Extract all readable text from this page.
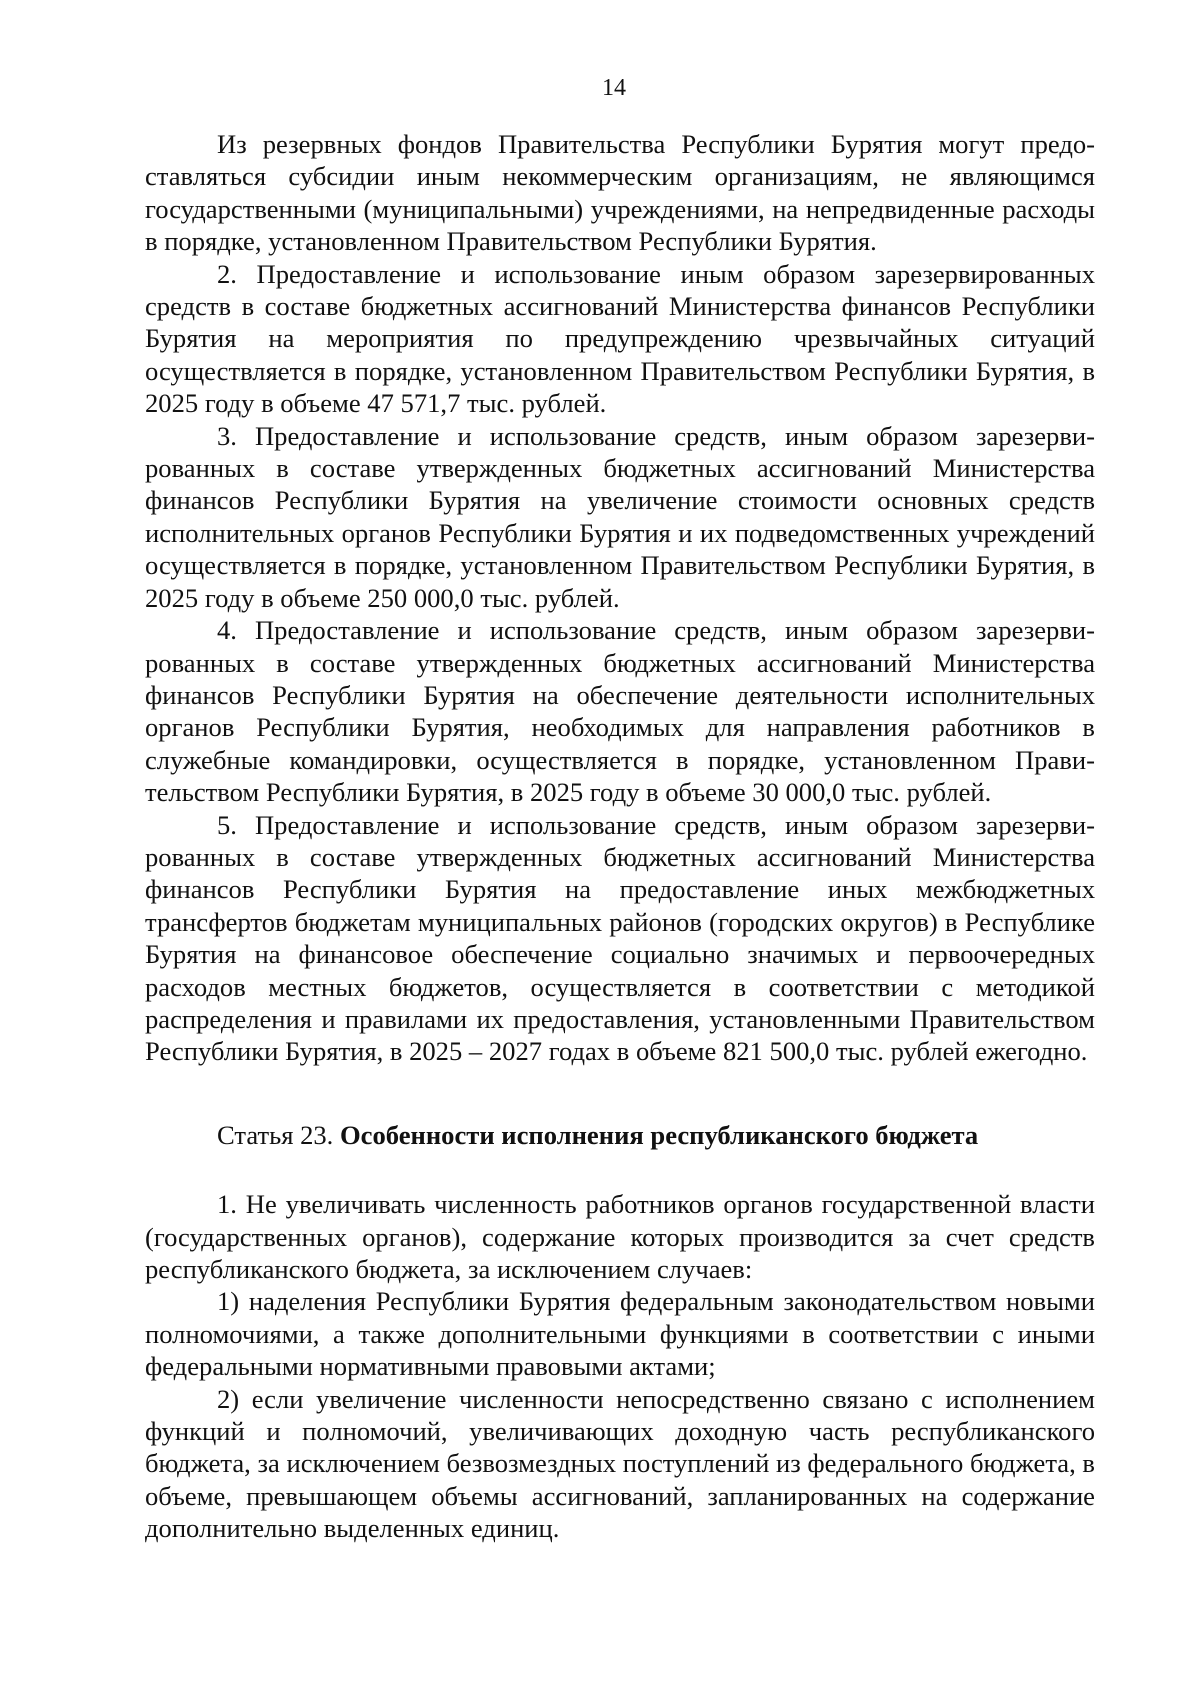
14

Из резервных фондов Правительства Республики Бурятия могут предоставляться субсидии иным некоммерческим организациям, не являющимся государственными (муниципальными) учреждениями, на непредвиденные расходы в порядке, установленном Правительством Республики Бурятия.

2. Предоставление и использование иным образом зарезервированных средств в составе бюджетных ассигнований Министерства финансов Республики Бурятия на мероприятия по предупреждению чрезвычайных ситуаций осуществляется в порядке, установленном Правительством Республики Бурятия, в 2025 году в объеме 47 571,7 тыс. рублей.

3. Предоставление и использование средств, иным образом зарезервированных в составе утвержденных бюджетных ассигнований Министерства финансов Республики Бурятия на увеличение стоимости основных средств исполнительных органов Республики Бурятия и их подведомственных учреждений осуществляется в порядке, установленном Правительством Республики Бурятия, в 2025 году в объеме 250 000,0 тыс. рублей.

4. Предоставление и использование средств, иным образом зарезервированных в составе утвержденных бюджетных ассигнований Министерства финансов Республики Бурятия на обеспечение деятельности исполнительных органов Республики Бурятия, необходимых для направления работников в служебные командировки, осуществляется в порядке, установленном Правительством Республики Бурятия, в 2025 году в объеме 30 000,0 тыс. рублей.

5. Предоставление и использование средств, иным образом зарезервированных в составе утвержденных бюджетных ассигнований Министерства финансов Республики Бурятия на предоставление иных межбюджетных трансфертов бюджетам муниципальных районов (городских округов) в Республике Бурятия на финансовое обеспечение социально значимых и первоочередных расходов местных бюджетов, осуществляется в соответствии с методикой распределения и правилами их предоставления, установленными Правительством Республики Бурятия, в 2025 – 2027 годах в объеме 821 500,0 тыс. рублей ежегодно.

Статья 23. Особенности исполнения республиканского бюджета

1. Не увеличивать численность работников органов государственной власти (государственных органов), содержание которых производится за счет средств республиканского бюджета, за исключением случаев:

1) наделения Республики Бурятия федеральным законодательством новыми полномочиями, а также дополнительными функциями в соответствии с иными федеральными нормативными правовыми актами;

2) если увеличение численности непосредственно связано с исполнением функций и полномочий, увеличивающих доходную часть республиканского бюджета, за исключением безвозмездных поступлений из федерального бюджета, в объеме, превышающем объемы ассигнований, запланированных на содержание дополнительно выделенных единиц.
